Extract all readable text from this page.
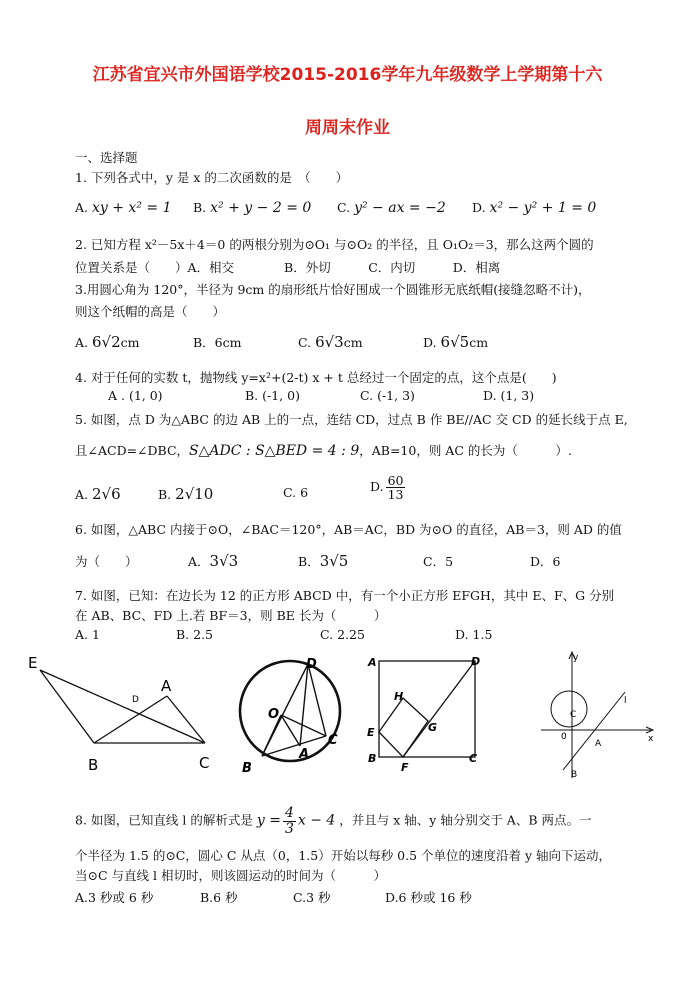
江苏省宜兴市外国语学校2015-2016学年九年级数学上学期第十六
周周末作业
一、选择题
1. 下列各式中，y 是 x 的二次函数的是　（　　）
A. xy + x² = 1 B. x² + y − 2 = 0 C. y² − ax = −2 D. x² − y² + 1 = 0
2. 已知方程 x²－5x＋4＝0 的两根分别为⊙O₁ 与⊙O₂ 的半径，且 O₁O₂＝3，那么这两个圆的
位置关系是（　　）A．相交　　　　B．外切　　　C．内切　　　D．相离
3.用圆心角为 120°，半径为 9cm 的扇形纸片恰好围成一个圆锥形无底纸帽(接缝忽略不计)，
则这个纸帽的高是（　　）
A. 6√2cm	B．6cm	C. 6√3cm	D. 6√5cm
4. 对于任何的实数 t，抛物线 y=x²+(2-t) x + t 总经过一个固定的点，这个点是(　　)
A . (1, 0)	B. (-1, 0)	C. (-1, 3)	D. (1, 3)
5. 如图，点 D 为△ABC 的边 AB 上的一点，连结 CD，过点 B 作 BE//AC 交 CD 的延长线于点 E,
且∠ACD=∠DBC，S△ADC : S△BED = 4 : 9，AB=10，则 AC 的长为（　　　）.
A. 2√6	B. 2√10	C. 6	D. $\frac{60}{13}$
6. 如图，△ABC 内接于⊙O，∠BAC＝120°，AB＝AC，BD 为⊙O 的直径，AB＝3，则 AD 的值
为（　　）	A．3√3	B．3√5	C．5	D．6
7. 如图，已知：在边长为 12 的正方形 ABCD 中，有一个小正方形 EFGH，其中 E、F、G 分别
在 AB、BC、FD 上.若 BF＝3，则 BE 长为（　　　）
A. 1	B. 2.5	C. 2.25	D. 1.5
E
A
D
B	C
D
O
A
B
C
A	D
H
E	G
B
F
C
y
x
0
C
l
A
B
8. 如图，已知直线 l 的解析式是 $y = \frac{4}{3}$ x − 4 ，并且与 x 轴、y 轴分别交于 A、B 两点。一
个半径为 1.5 的⊙C，圆心 C 从点（0，1.5）开始以每秒 0.5 个单位的速度沿着 y 轴向下运动，
当⊙C 与直线 l 相切时，则该圆运动的时间为（　　　）
A.3 秒或 6 秒	B.6 秒	C.3 秒	D.6 秒或 16 秒
